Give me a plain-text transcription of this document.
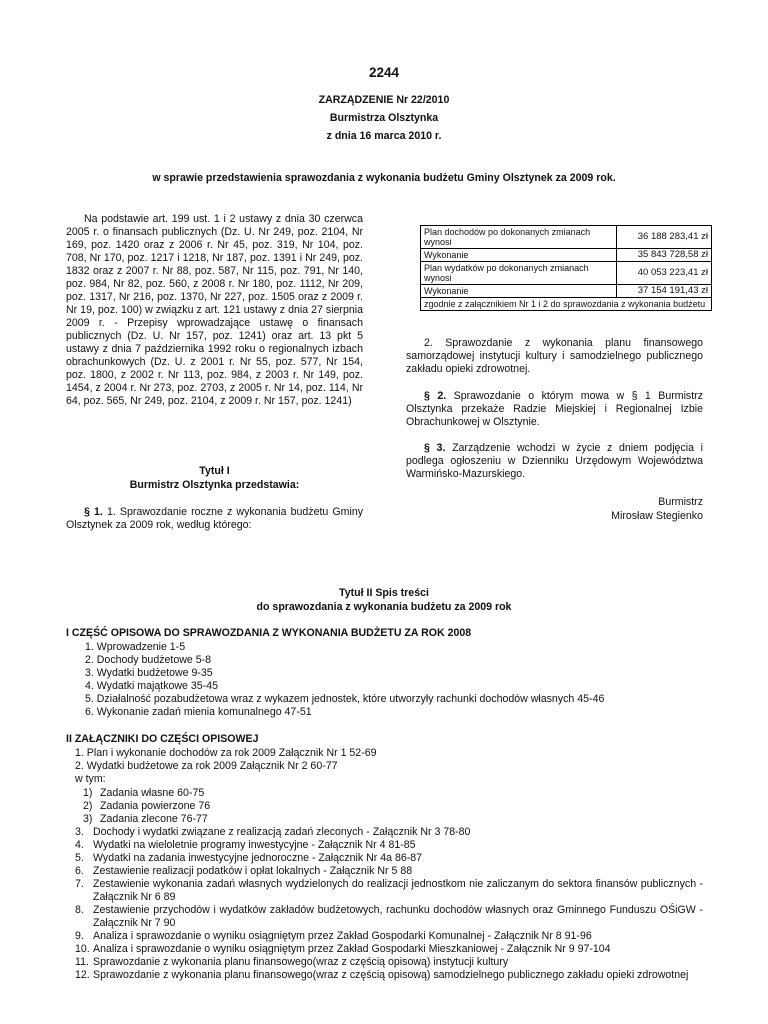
2244
ZARZĄDZENIE Nr 22/2010
Burmistrza Olsztynka
z dnia 16 marca 2010 r.
w sprawie przedstawienia sprawozdania z wykonania budżetu Gminy Olsztynek za 2009 rok.
Na podstawie art. 199 ust. 1 i 2 ustawy z dnia 30 czerwca 2005 r. o finansach publicznych (Dz. U. Nr 249, poz. 2104, Nr 169, poz. 1420 oraz z 2006 r. Nr 45, poz. 319, Nr 104, poz. 708, Nr 170, poz. 1217 i 1218, Nr 187, poz. 1391 i Nr 249, poz. 1832 oraz z 2007 r. Nr 88, poz. 587, Nr 115, poz. 791, Nr 140, poz. 984, Nr 82, poz. 560, z 2008 r. Nr 180, poz. 1112, Nr 209, poz. 1317, Nr 216, poz. 1370, Nr 227, poz. 1505 oraz z 2009 r. Nr 19, poz. 100) w związku z art. 121 ustawy z dnia 27 sierpnia 2009 r. - Przepisy wprowadzające ustawę o finansach publicznych (Dz. U. Nr 157, poz. 1241) oraz art. 13 pkt 5 ustawy z dnia 7 października 1992 roku o regionalnych izbach obrachunkowych (Dz. U. z 2001 r. Nr 55, poz. 577, Nr 154, poz. 1800, z 2002 r. Nr 113, poz. 984, z 2003 r. Nr 149, poz. 1454, z 2004 r. Nr 273, poz. 2703, z 2005 r. Nr 14, poz. 114, Nr 64, poz. 565, Nr 249, poz. 2104, z 2009 r. Nr 157, poz. 1241)
Tytuł I
Burmistrz Olsztynka przedstawia:
§ 1. 1. Sprawozdanie roczne z wykonania budżetu Gminy Olsztynek za 2009 rok, według którego:
Plan dochodów po dokonanych zmianach wynosi	36 188 283,41 zł
Wykonanie	35 843 728,58 zł
Plan wydatków po dokonanych zmianach wynosi	40 053 223,41 zł
Wykonanie	37 154 191,43 zł
zgodnie z załącznikiem Nr 1 i 2 do sprawozdania z wykonania budżetu	
2. Sprawozdanie z wykonania planu finansowego samorządowej instytucji kultury i samodzielnego publicznego zakładu opieki zdrowotnej.
§ 2. Sprawozdanie o którym mowa w § 1 Burmistrz Olsztynka przekaże Radzie Miejskiej i Regionalnej Izbie Obrachunkowej w Olsztynie.
§ 3. Zarządzenie wchodzi w życie z dniem podjęcia i podlega ogłoszeniu w Dzienniku Urzędowym Województwa Warmińsko-Mazurskiego.
Burmistrz
Mirosław Stegienko
Tytuł II Spis treści
do sprawozdania z wykonania budżetu za 2009 rok
I CZĘŚĆ OPISOWA DO SPRAWOZDANIA Z WYKONANIA BUDŻETU ZA ROK 2008
1. Wprowadzenie 1-5
2. Dochody budżetowe 5-8
3. Wydatki budżetowe 9-35
4. Wydatki majątkowe 35-45
5. Działalność pozabudżetowa wraz z wykazem jednostek, które utworzyły rachunki dochodów własnych 45-46
6. Wykonanie zadań mienia komunalnego 47-51
II ZAŁĄCZNIKI DO CZĘŚCI OPISOWEJ
1. Plan i wykonanie dochodów za rok 2009 Załącznik Nr 1 52-69
2. Wydatki budżetowe za rok 2009 Załącznik Nr 2 60-77
w tym:
1) Zadania własne 60-75
2) Zadania powierzone 76
3) Zadania zlecone 76-77
3. Dochody i wydatki związane z realizacją zadań zleconych - Załącznik Nr 3 78-80
4. Wydatki na wieloletnie programy inwestycyjne - Załącznik Nr 4 81-85
5. Wydatki na zadania inwestycyjne jednoroczne - Załącznik Nr 4a 86-87
6. Zestawienie realizacji podatków i opłat lokalnych - Załącznik Nr 5 88
7. Zestawienie wykonania zadań własnych wydzielonych do realizacji jednostkom nie zaliczanym do sektora finansów publicznych - Załącznik Nr 6 89
8. Zestawienie przychodów i wydatków zakładów budżetowych, rachunku dochodów własnych oraz Gminnego Funduszu OŚiGW - Załącznik Nr 7 90
9. Analiza i sprawozdanie o wyniku osiągniętym przez Zakład Gospodarki Komunalnej - Załącznik Nr 8 91-96
10. Analiza i sprawozdanie o wyniku osiągniętym przez Zakład Gospodarki Mieszkaniowej - Załącznik Nr 9 97-104
11. Sprawozdanie z wykonania planu finansowego(wraz z częścią opisową) instytucji kultury
12. Sprawozdanie z wykonania planu finansowego(wraz z częścią opisową) samodzielnego publicznego zakładu opieki zdrowotnej
